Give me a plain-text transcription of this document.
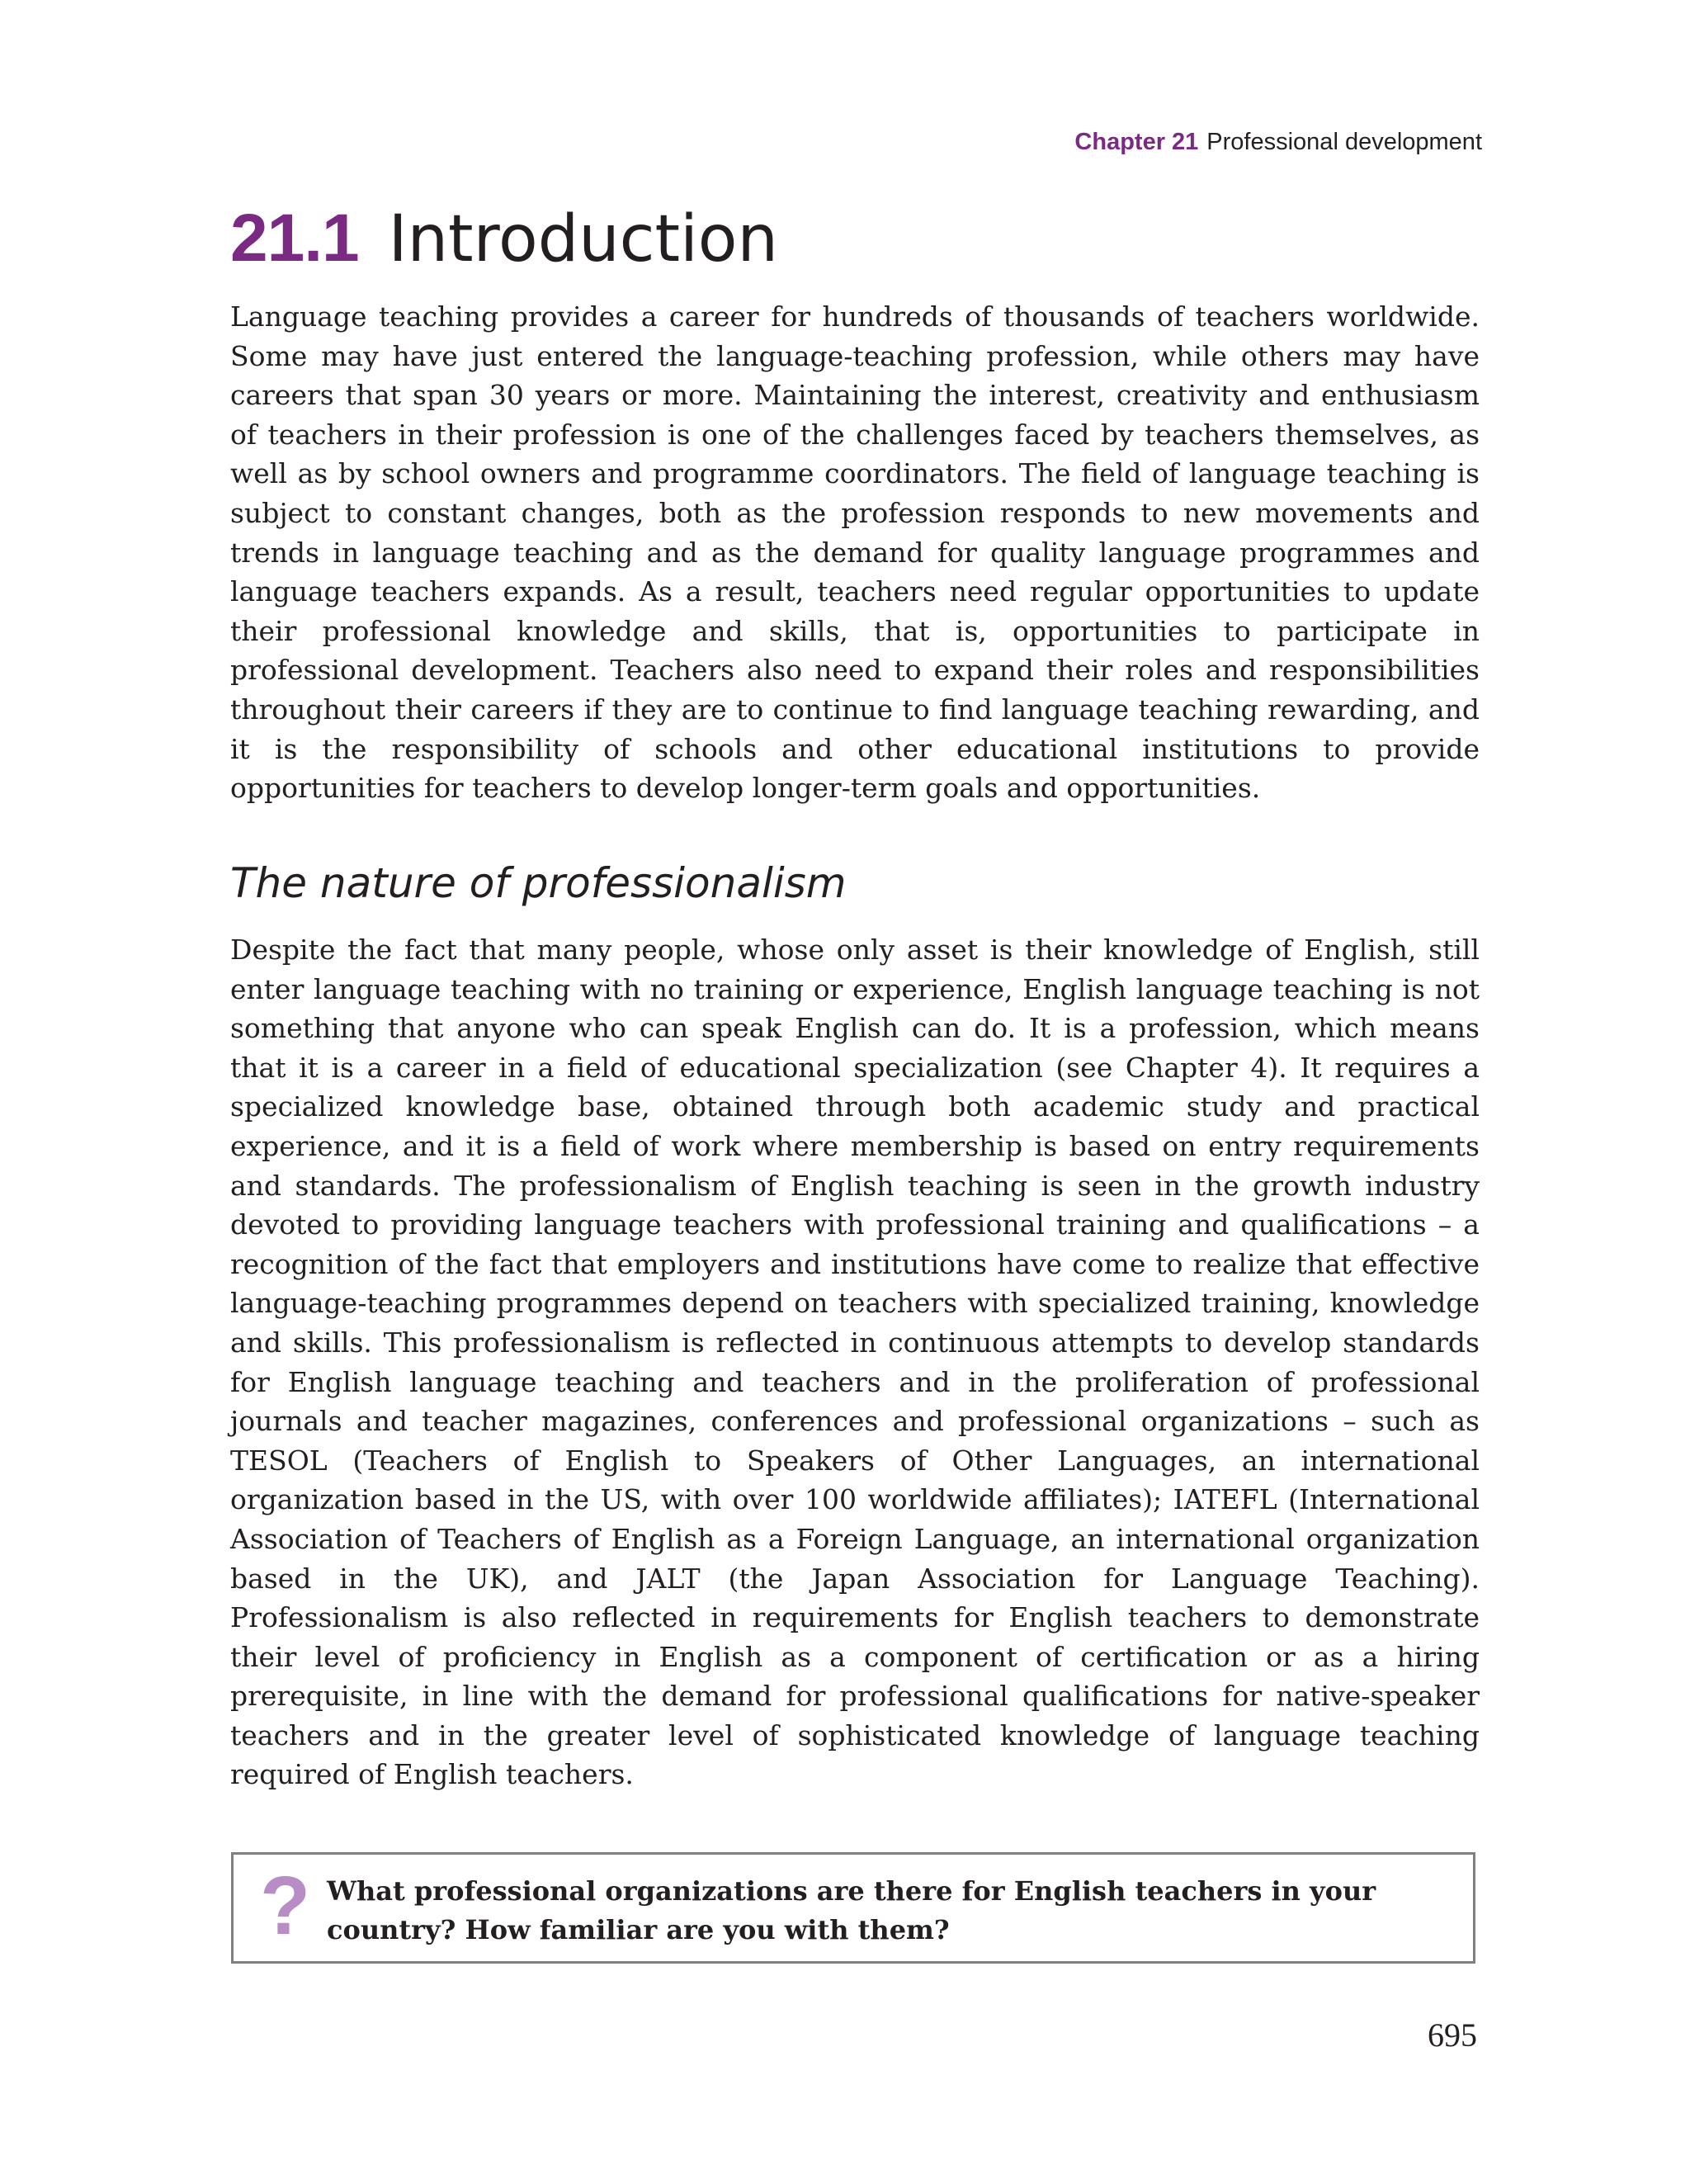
Chapter 21 Professional development
21.1 Introduction

Language teaching provides a career for hundreds of thousands of teachers worldwide. Some may have just entered the language-teaching profession, while others may have careers that span 30 years or more. Maintaining the interest, creativity and enthusiasm of teachers in their profession is one of the challenges faced by teachers themselves, as well as by school owners and programme coordinators. The field of language teaching is subject to constant changes, both as the profession responds to new movements and trends in language teaching and as the demand for quality language programmes and language teachers expands. As a result, teachers need regular opportunities to update their professional knowledge and skills, that is, opportunities to participate in professional development. Teachers also need to expand their roles and responsibilities throughout their careers if they are to continue to find language teaching rewarding, and it is the responsibility of schools and other educational institutions to provide opportunities for teachers to develop longer-term goals and opportunities.

The nature of professionalism

Despite the fact that many people, whose only asset is their knowledge of English, still enter language teaching with no training or experience, English language teaching is not something that anyone who can speak English can do. It is a profession, which means that it is a career in a field of educational specialization (see Chapter 4). It requires a specialized knowledge base, obtained through both academic study and practical experience, and it is a field of work where membership is based on entry requirements and standards. The professionalism of English teaching is seen in the growth industry devoted to providing language teachers with professional training and qualifications – a recognition of the fact that employers and institutions have come to realize that effective language-teaching programmes depend on teachers with specialized training, knowledge and skills. This professionalism is reflected in continuous attempts to develop standards for English language teaching and teachers and in the proliferation of professional journals and teacher magazines, conferences and professional organizations – such as TESOL (Teachers of English to Speakers of Other Languages, an international organization based in the US, with over 100 worldwide affiliates); IATEFL (International Association of Teachers of English as a Foreign Language, an international organization based in the UK), and JALT (the Japan Association for Language Teaching). Professionalism is also reflected in requirements for English teachers to demonstrate their level of proficiency in English as a component of certification or as a hiring prerequisite, in line with the demand for professional qualifications for native-speaker teachers and in the greater level of sophisticated knowledge of language teaching required of English teachers.

? What professional organizations are there for English teachers in your country? How familiar are you with them?

695
